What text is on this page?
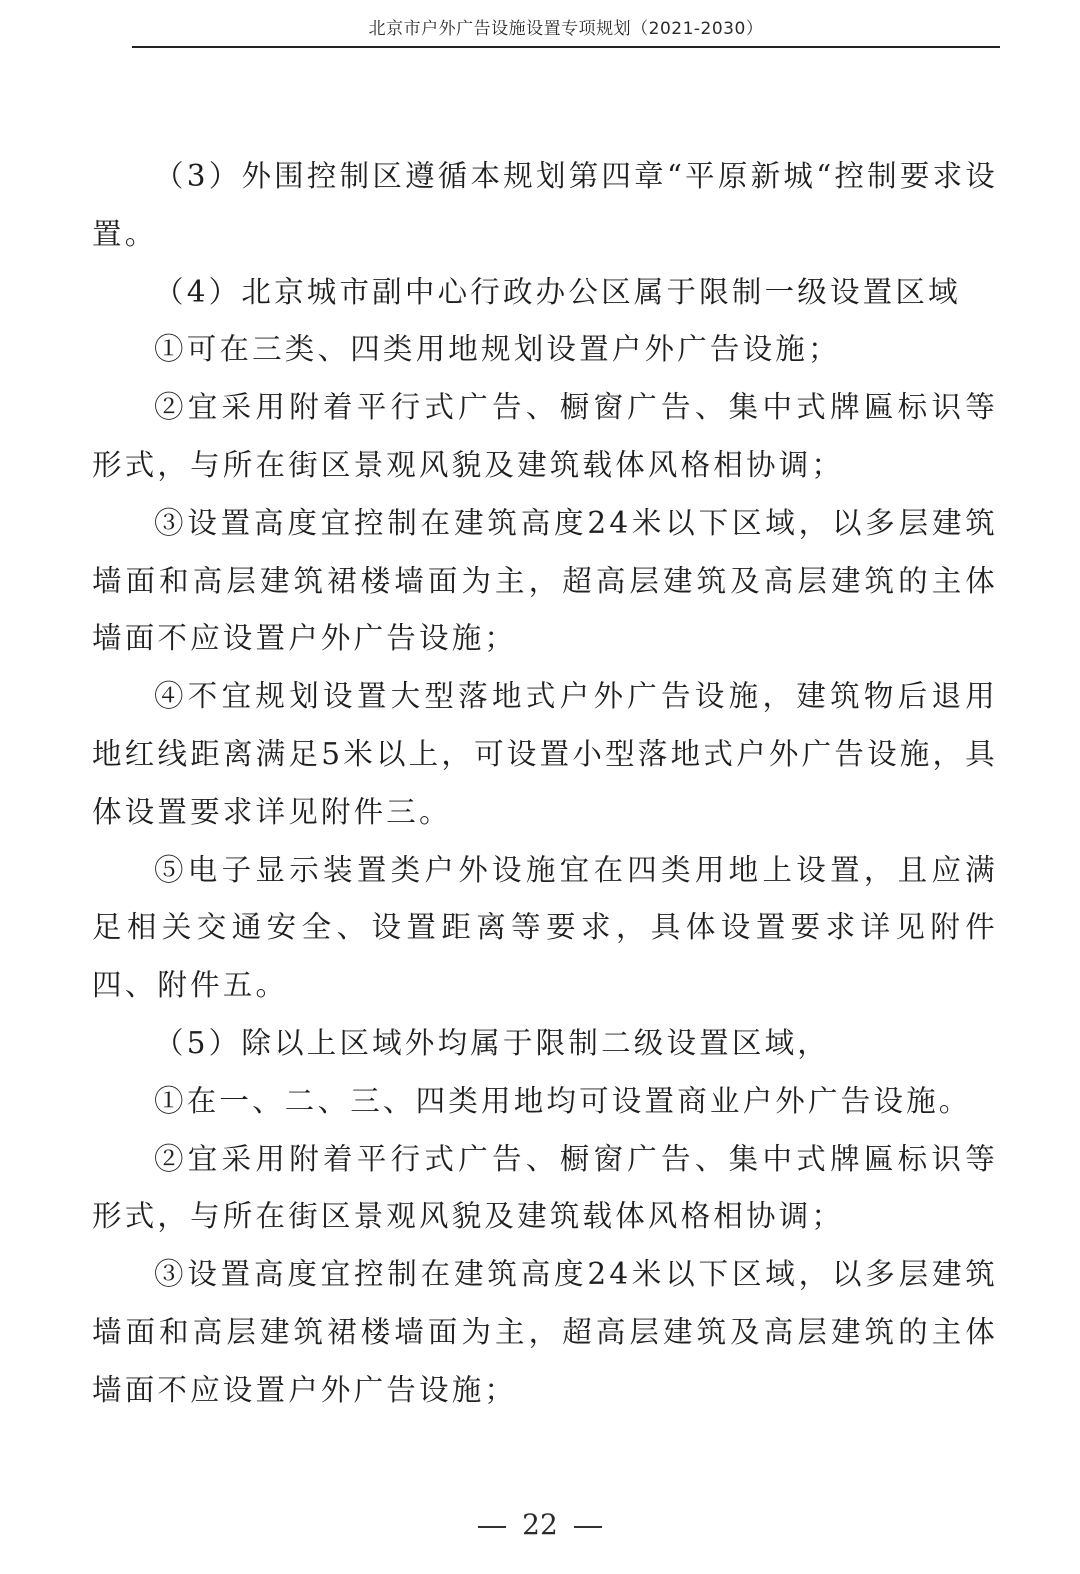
北京市户外广告设施设置专项规划（2021-2030）

（3）外围控制区遵循本规划第四章“平原新城“控制要求设置。

（4）北京城市副中心行政办公区属于限制一级设置区域

①可在三类、四类用地规划设置户外广告设施；

②宜采用附着平行式广告、橱窗广告、集中式牌匾标识等形式，与所在街区景观风貌及建筑载体风格相协调；

③设置高度宜控制在建筑高度24米以下区域，以多层建筑墙面和高层建筑裙楼墙面为主，超高层建筑及高层建筑的主体墙面不应设置户外广告设施；

④不宜规划设置大型落地式户外广告设施，建筑物后退用地红线距离满足5米以上，可设置小型落地式户外广告设施，具体设置要求详见附件三。

⑤电子显示装置类户外设施宜在四类用地上设置，且应满足相关交通安全、设置距离等要求，具体设置要求详见附件四、附件五。

（5）除以上区域外均属于限制二级设置区域，

①在一、二、三、四类用地均可设置商业户外广告设施。

②宜采用附着平行式广告、橱窗广告、集中式牌匾标识等形式，与所在街区景观风貌及建筑载体风格相协调；

③设置高度宜控制在建筑高度24米以下区域，以多层建筑墙面和高层建筑裙楼墙面为主，超高层建筑及高层建筑的主体墙面不应设置户外广告设施；

22
